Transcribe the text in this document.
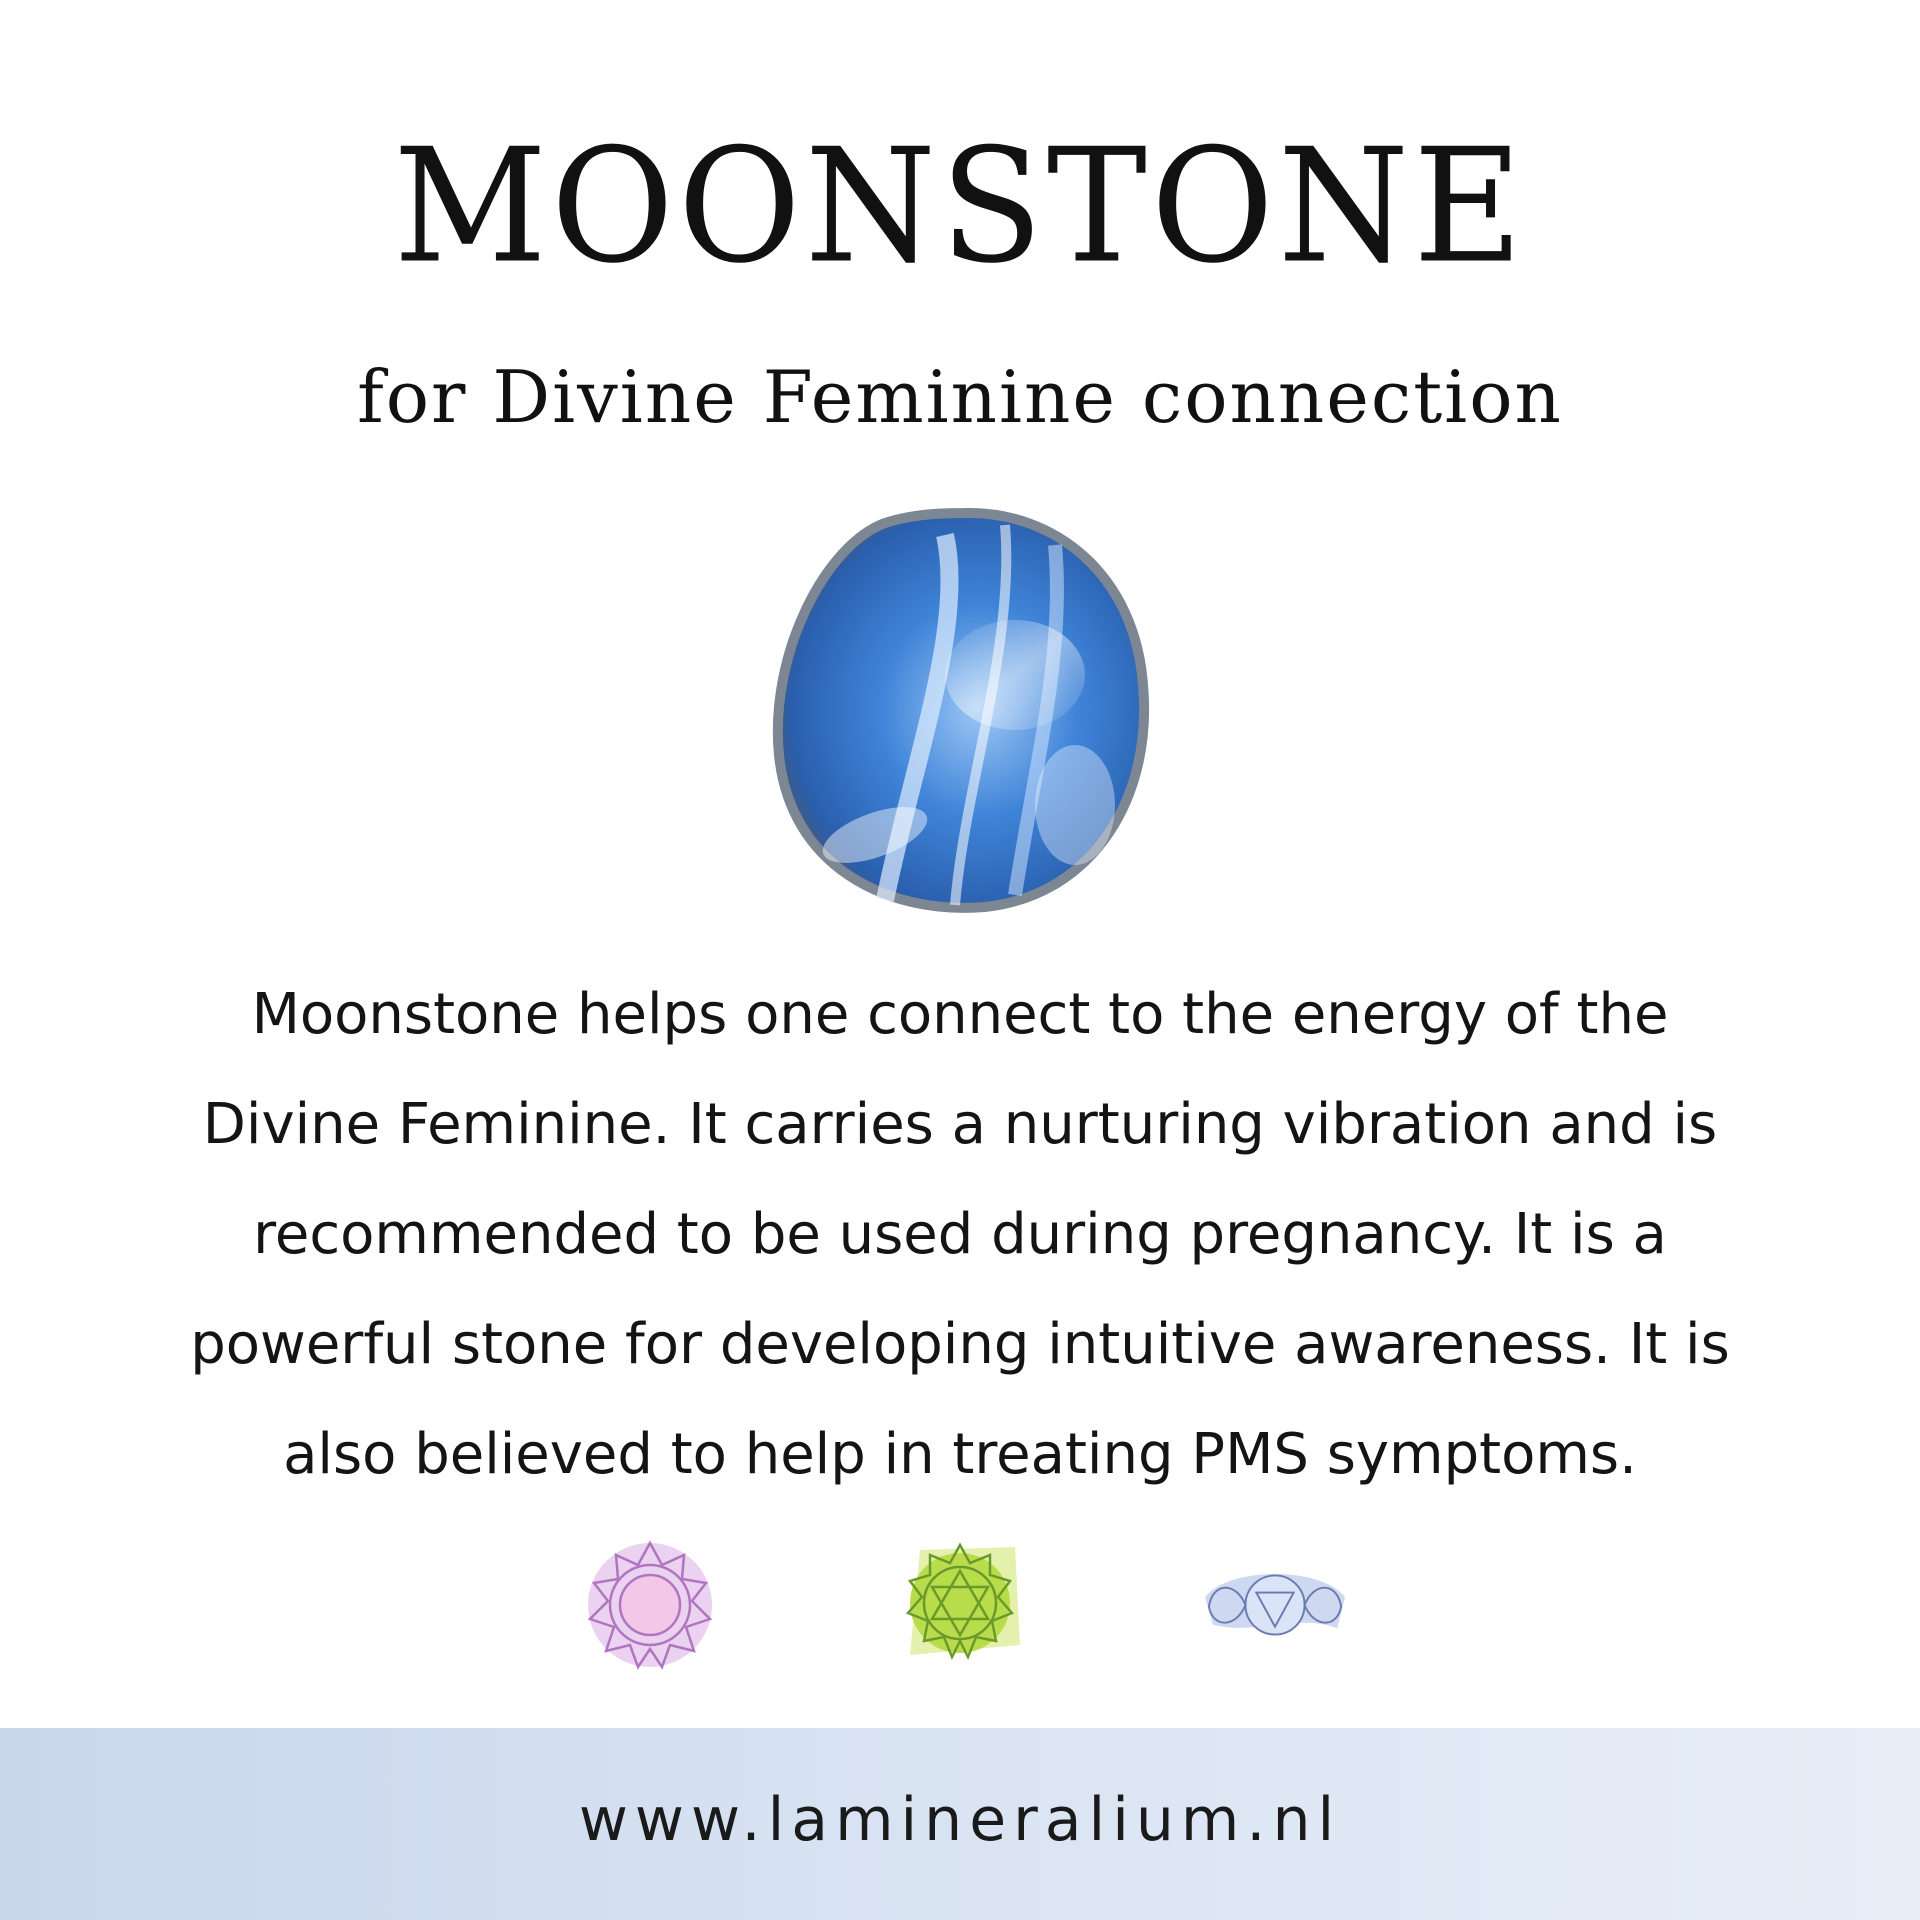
MOONSTONE
for Divine Feminine connection

Moonstone helps one connect to the energy of the Divine Feminine. It carries a nurturing vibration and is recommended to be used during pregnancy. It is a powerful stone for developing intuitive awareness. It is also believed to help in treating PMS symptoms.

www.lamineralium.nl
